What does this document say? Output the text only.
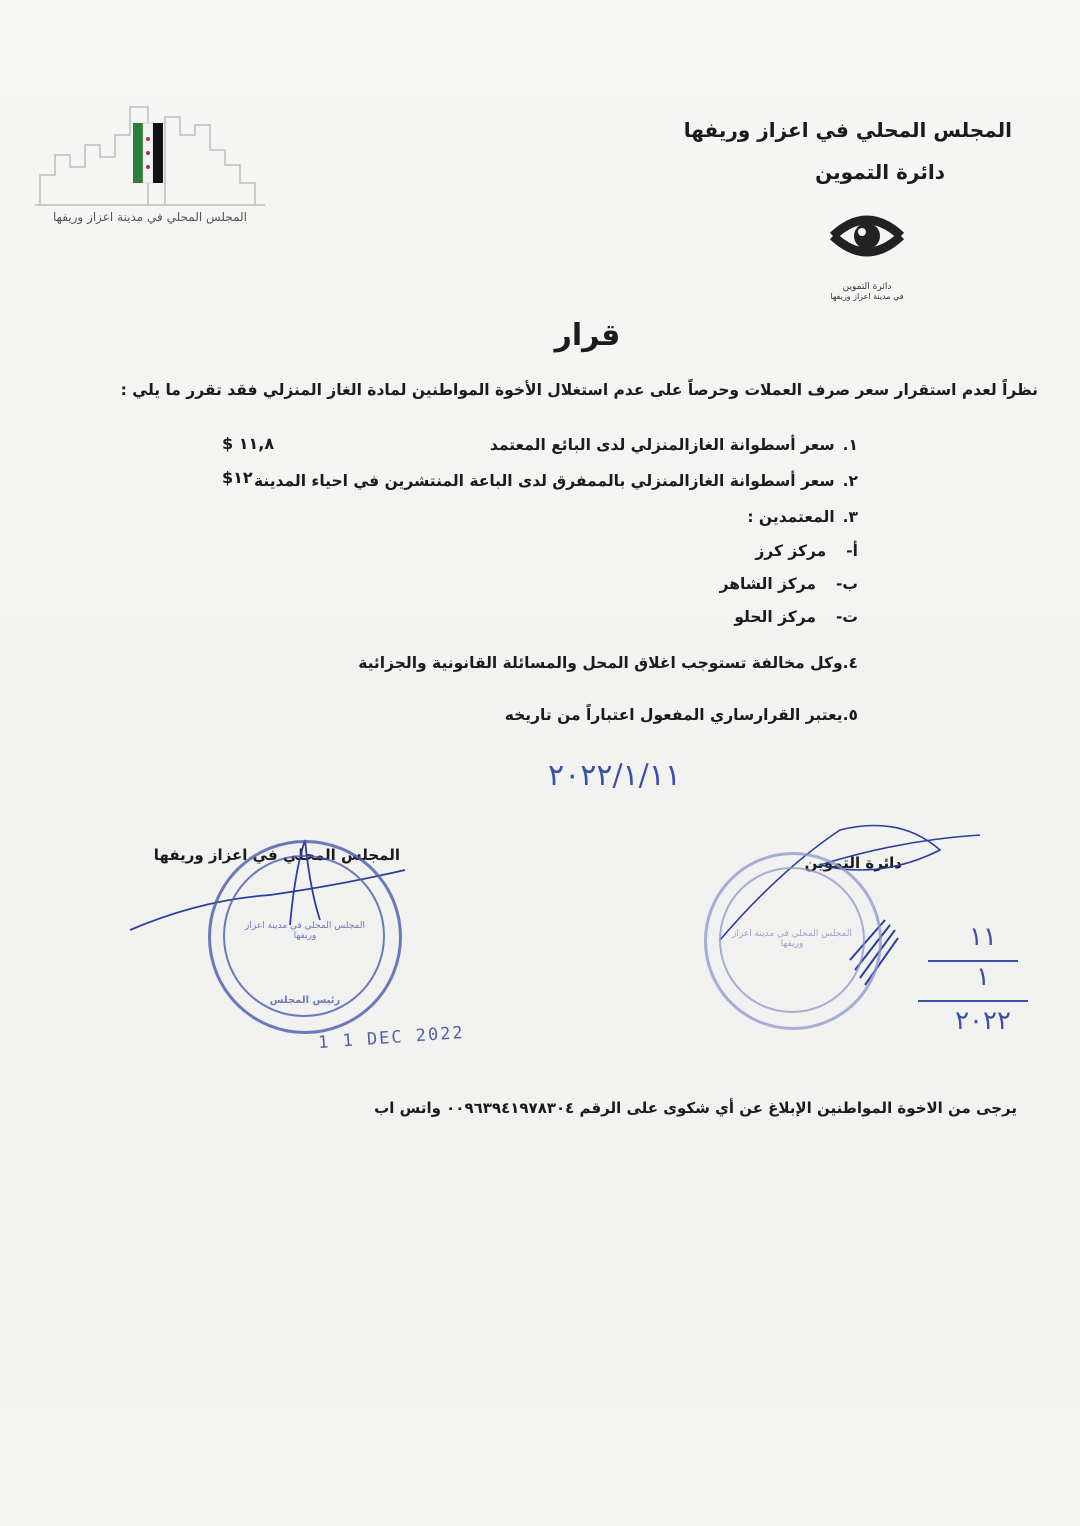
المجلس المحلي في مدينة اعزاز وريفها
المجلس المحلي في اعزاز وريفها
دائرة التموين
دائرة التموين
في مدينة اعزاز وريفها
قرار
نظراً لعدم استقرار سعر صرف العملات وحرصاً على عدم استغلال الأخوة المواطنين لمادة الغاز المنزلي فقد تقرر ما يلي :
١.سعر أسطوانة الغازالمنزلي لدى البائع المعتمد
١١,٨ $
٢.سعر أسطوانة الغازالمنزلي بالممفرق لدى الباعة المنتشرين في احياء المدينة
١٢$
٣.المعتمدين :
أ-مركز كرز
ب-مركز الشاهر
ت-مركز الحلو
٤.وكل مخالفة تستوجب اغلاق المحل والمسائلة القانونية والجزائية
٥.يعتبر القرارساري المفعول اعتباراً من تاريخه
٢٠٢٢/١/١١
دائرة التموين
المجلس المحلي في اعزاز وريفها
١١
١
٢٠٢٢
المجلس المحلي في مدينة اعزاز وريفها
رئيس المجلس
المجلس المحلي في مدينة اعزاز وريفها
1 1 DEC 2022
يرجى من الاخوة المواطنين الإبلاغ عن أي شكوى على الرقم ٠٠٩٦٣٩٤١٩٧٨٣٠٤ واتس اب
